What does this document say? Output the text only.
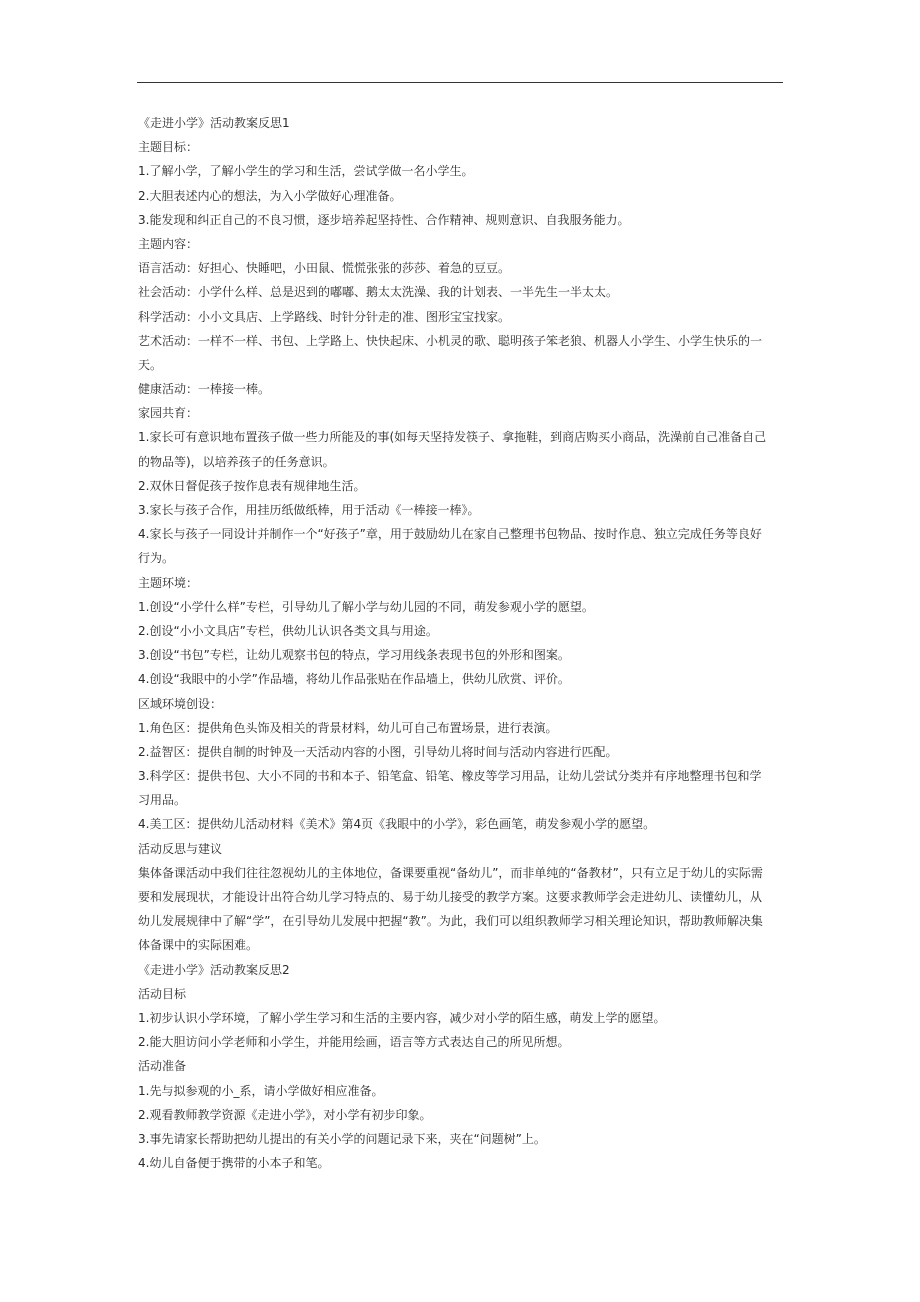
《走进小学》活动教案反思1
主题目标：
1.了解小学，了解小学生的学习和生活，尝试学做一名小学生。
2.大胆表述内心的想法，为入小学做好心理准备。
3.能发现和纠正自己的不良习惯，逐步培养起坚持性、合作精神、规则意识、自我服务能力。
主题内容：
语言活动：好担心、快睡吧，小田鼠、慌慌张张的莎莎、着急的豆豆。
社会活动：小学什么样、总是迟到的嘟嘟、鹅太太洗澡、我的计划表、一半先生一半太太。
科学活动：小小文具店、上学路线、时针分针走的准、图形宝宝找家。
艺术活动：一样不一样、书包、上学路上、快快起床、小机灵的歌、聪明孩子笨老狼、机器人小学生、小学生快乐的一
天。
健康活动：一棒接一棒。
家园共育：
1.家长可有意识地布置孩子做一些力所能及的事(如每天坚持发筷子、拿拖鞋，到商店购买小商品，洗澡前自己准备自己
的物品等)，以培养孩子的任务意识。
2.双休日督促孩子按作息表有规律地生活。
3.家长与孩子合作，用挂历纸做纸棒，用于活动《一棒接一棒》。
4.家长与孩子一同设计并制作一个“好孩子”章，用于鼓励幼儿在家自己整理书包物品、按时作息、独立完成任务等良好
行为。
主题环境：
1.创设“小学什么样”专栏，引导幼儿了解小学与幼儿园的不同，萌发参观小学的愿望。
2.创设“小小文具店”专栏，供幼儿认识各类文具与用途。
3.创设“书包”专栏，让幼儿观察书包的特点，学习用线条表现书包的外形和图案。
4.创设“我眼中的小学”作品墙，将幼儿作品张贴在作品墙上，供幼儿欣赏、评价。
区域环境创设：
1.角色区：提供角色头饰及相关的背景材料，幼儿可自己布置场景，进行表演。
2.益智区：提供自制的时钟及一天活动内容的小图，引导幼儿将时间与活动内容进行匹配。
3.科学区：提供书包、大小不同的书和本子、铅笔盒、铅笔、橡皮等学习用品，让幼儿尝试分类并有序地整理书包和学
习用品。
4.美工区：提供幼儿活动材料《美术》第4页《我眼中的小学》，彩色画笔，萌发参观小学的愿望。
活动反思与建议
集体备课活动中我们往往忽视幼儿的主体地位，备课要重视“备幼儿”，而非单纯的“备教材”，只有立足于幼儿的实际需
要和发展现状，才能设计出符合幼儿学习特点的、易于幼儿接受的教学方案。这要求教师学会走进幼儿、读懂幼儿，从
幼儿发展规律中了解“学”，在引导幼儿发展中把握“教”。为此，我们可以组织教师学习相关理论知识，帮助教师解决集
体备课中的实际困难。
《走进小学》活动教案反思2
活动目标
1.初步认识小学环境，了解小学生学习和生活的主要内容，减少对小学的陌生感，萌发上学的愿望。
2.能大胆访问小学老师和小学生，并能用绘画，语言等方式表达自己的所见所想。
活动准备
1.先与拟参观的小_系，请小学做好相应准备。
2.观看教师教学资源《走进小学》，对小学有初步印象。
3.事先请家长帮助把幼儿提出的有关小学的问题记录下来，夹在“问题树”上。
4.幼儿自备便于携带的小本子和笔。
